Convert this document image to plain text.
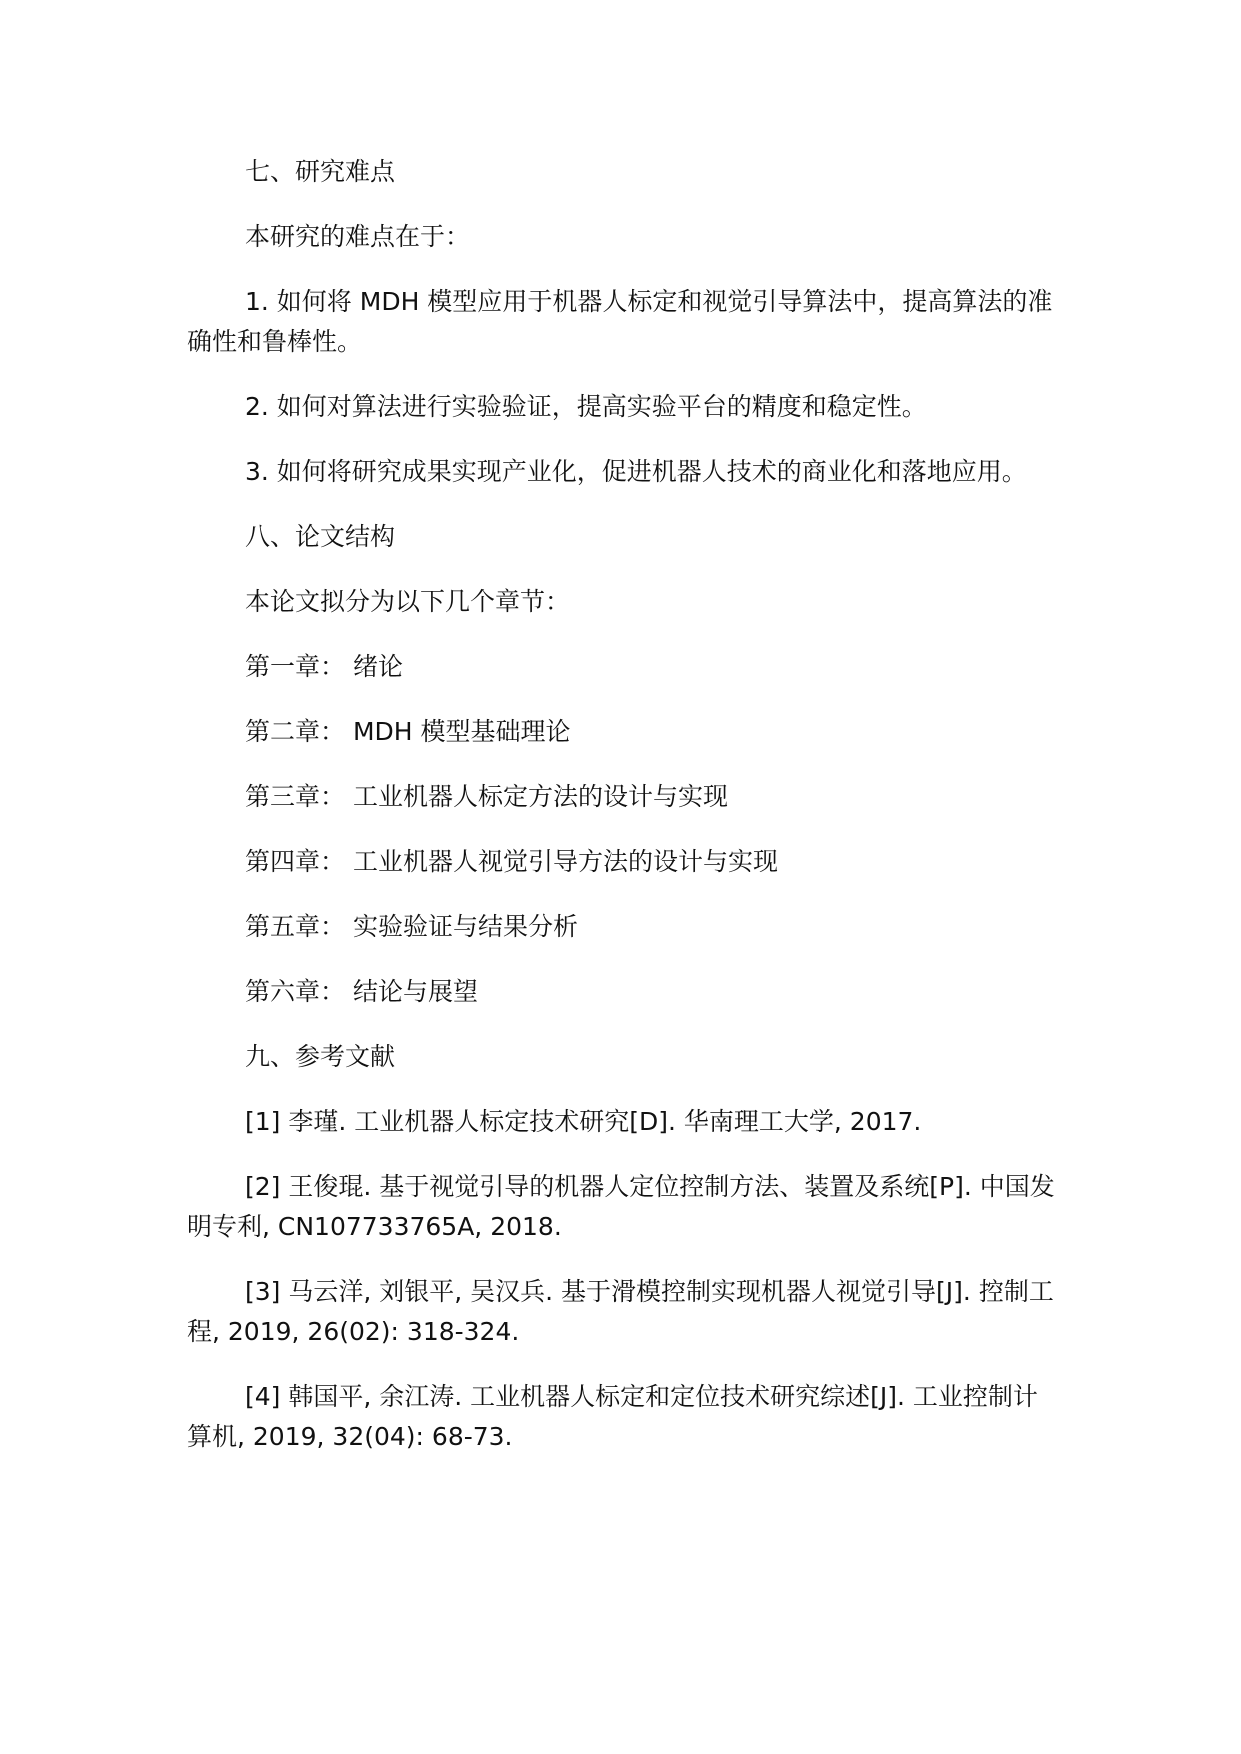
七、研究难点

本研究的难点在于：

1. 如何将 MDH 模型应用于机器人标定和视觉引导算法中，提高算法的准确性和鲁棒性。

2. 如何对算法进行实验验证，提高实验平台的精度和稳定性。

3. 如何将研究成果实现产业化，促进机器人技术的商业化和落地应用。

八、论文结构

本论文拟分为以下几个章节：

第一章： 绪论

第二章： MDH 模型基础理论

第三章： 工业机器人标定方法的设计与实现

第四章： 工业机器人视觉引导方法的设计与实现

第五章： 实验验证与结果分析

第六章： 结论与展望

九、参考文献

[1] 李瑾. 工业机器人标定技术研究[D]. 华南理工大学, 2017.

[2] 王俊琨. 基于视觉引导的机器人定位控制方法、装置及系统[P]. 中国发明专利, CN107733765A, 2018.

[3] 马云洋, 刘银平, 吴汉兵. 基于滑模控制实现机器人视觉引导[J]. 控制工程, 2019, 26(02): 318-324.

[4] 韩国平, 余江涛. 工业机器人标定和定位技术研究综述[J]. 工业控制计算机, 2019, 32(04): 68-73.
